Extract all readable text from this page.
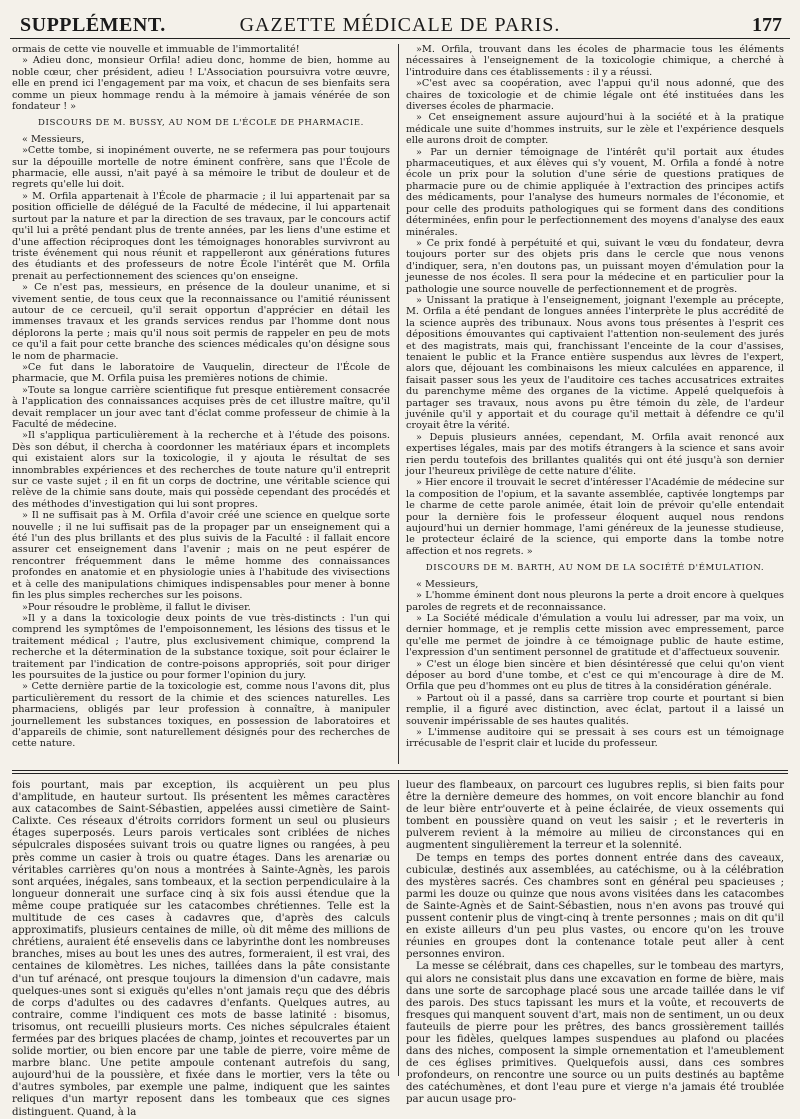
SUPPLÉMENT.	GAZETTE MÉDICALE DE PARIS.	177

ormais de cette vie nouvelle et immuable de l'immortalité!

» Adieu donc, monsieur Orfila! adieu donc, homme de bien, homme au noble cœur, cher président, adieu ! L'Association poursuivra votre œuvre, elle en prend ici l'engagement par ma voix, et chacun de ses bienfaits sera comme un pieux hommage rendu à la mémoire à jamais vénérée de son fondateur ! »

DISCOURS DE M. BUSSY, AU NOM DE L'ÉCOLE DE PHARMACIE.

« Messieurs,

»Cette tombe, si inopinément ouverte, ne se refermera pas pour toujours sur la dépouille mortelle de notre éminent confrère, sans que l'École de pharmacie, elle aussi, n'ait payé à sa mémoire le tribut de douleur et de regrets qu'elle lui doit.

» M. Orfila appartenait à l'École de pharmacie ; il lui appartenait par sa position officielle de délégué de la Faculté de médecine, il lui appartenait surtout par la nature et par la direction de ses travaux, par le concours actif qu'il lui a prêté pendant plus de trente années, par les liens d'une estime et d'une affection réciproques dont les témoignages honorables survivront au triste événement qui nous réunit et rappelleront aux générations futures des étudiants et des professeurs de notre École l'intérêt que M. Orfila prenait au perfectionnement des sciences qu'on enseigne.

» Ce n'est pas, messieurs, en présence de la douleur unanime, et si vivement sentie, de tous ceux que la reconnaissance ou l'amitié réunissent autour de ce cercueil, qu'il serait opportun d'apprécier en détail les immenses travaux et les grands services rendus par l'homme dont nous déplorons la perte ; mais qu'il nous soit permis de rappeler en peu de mots ce qu'il a fait pour cette branche des sciences médicales qu'on désigne sous le nom de pharmacie.

»Ce fut dans le laboratoire de Vauquelin, directeur de l'École de pharmacie, que M. Orfila puisa les premières notions de chimie.

»Toute sa longue carrière scientifique fut presque entièrement consacrée à l'application des connaissances acquises près de cet illustre maître, qu'il devait remplacer un jour avec tant d'éclat comme professeur de chimie à la Faculté de médecine.

»Il s'appliqua particulièrement à la recherche et à l'étude des poisons. Dès son début, il chercha à coordonner les matériaux épars et incomplets qui existaient alors sur la toxicologie, il y ajouta le résultat de ses innombrables expériences et des recherches de toute nature qu'il entreprit sur ce vaste sujet ; il en fit un corps de doctrine, une véritable science qui relève de la chimie sans doute, mais qui possède cependant des procédés et des méthodes d'investigation qui lui sont propres.

» Il ne suffisait pas à M. Orfila d'avoir créé une science en quelque sorte nouvelle ; il ne lui suffisait pas de la propager par un enseignement qui a été l'un des plus brillants et des plus suivis de la Faculté : il fallait encore assurer cet enseignement dans l'avenir ; mais on ne peut espérer de rencontrer fréquemment dans le même homme des connaissances profondes en anatomie et en physiologie unies à l'habitude des vivisections et à celle des manipulations chimiques indispensables pour mener à bonne fin les plus simples recherches sur les poisons.

»Pour résoudre le problème, il fallut le diviser.

»Il y a dans la toxicologie deux points de vue très-distincts : l'un qui comprend les symptômes de l'empoisonnement, les lésions des tissus et le traitement médical ; l'autre, plus exclusivement chimique, comprend la recherche et la détermination de la substance toxique, soit pour éclairer le traitement par l'indication de contre-poisons appropriés, soit pour diriger les poursuites de la justice ou pour former l'opinion du jury.

» Cette dernière partie de la toxicologie est, comme nous l'avons dit, plus particulièrement du ressort de la chimie et des sciences naturelles. Les pharmaciens, obligés par leur profession à connaître, à manipuler journellement les substances toxiques, en possession de laboratoires et d'appareils de chimie, sont naturellement désignés pour des recherches de cette nature.

»M. Orfila, trouvant dans les écoles de pharmacie tous les éléments nécessaires à l'enseignement de la toxicologie chimique, a cherché à l'introduire dans ces établissements : il y a réussi.

»C'est avec sa coopération, avec l'appui qu'il nous adonné, que des chaires de toxicologie et de chimie légale ont été instituées dans les diverses écoles de pharmacie.

» Cet enseignement assure aujourd'hui à la société et à la pratique médicale une suite d'hommes instruits, sur le zèle et l'expérience desquels elle aurons droit de compter.

» Par un dernier témoignage de l'intérêt qu'il portait aux études pharmaceutiques, et aux élèves qui s'y vouent, M. Orfila a fondé à notre école un prix pour la solution d'une série de questions pratiques de pharmacie pure ou de chimie appliquée à l'extraction des principes actifs des médicaments, pour l'analyse des humeurs normales de l'économie, et pour celle des produits pathologiques qui se forment dans des conditions déterminées, enfin pour le perfectionnement des moyens d'analyse des eaux minérales.

» Ce prix fondé à perpétuité et qui, suivant le vœu du fondateur, devra toujours porter sur des objets pris dans le cercle que nous venons d'indiquer, sera, n'en doutons pas, un puissant moyen d'émulation pour la jeunesse de nos écoles. Il sera pour la médecine et en particulier pour la pathologie une source nouvelle de perfectionnement et de progrès.

» Unissant la pratique à l'enseignement, joignant l'exemple au précepte, M. Orfila a été pendant de longues années l'interprète le plus accrédité de la science auprès des tribunaux. Nous avons tous présentes à l'esprit ces dépositions émouvantes qui captivaient l'attention non-seulement des jurés et des magistrats, mais qui, franchissant l'enceinte de la cour d'assises, tenaient le public et la France entière suspendus aux lèvres de l'expert, alors que, déjouant les combinaisons les mieux calculées en apparence, il faisait passer sous les yeux de l'auditoire ces taches accusatrices extraites du parenchyme même des organes de la victime. Appelé quelquefois à partager ses travaux, nous avons pu être témoin du zèle, de l'ardeur juvénile qu'il y apportait et du courage qu'il mettait à défendre ce qu'il croyait être la vérité.

» Depuis plusieurs années, cependant, M. Orfila avait renoncé aux expertises légales, mais par des motifs étrangers à la science et sans avoir rien perdu toutefois des brillantes qualités qui ont été jusqu'à son dernier jour l'heureux privilège de cette nature d'élite.

» Hier encore il trouvait le secret d'intéresser l'Académie de médecine sur la composition de l'opium, et la savante assemblée, captivée longtemps par le charme de cette parole animée, était loin de prévoir qu'elle entendait pour la dernière fois le professeur éloquent auquel nous rendons aujourd'hui un dernier hommage, l'ami généreux de la jeunesse studieuse, le protecteur éclairé de la science, qui emporte dans la tombe notre affection et nos regrets. »

DISCOURS DE M. BARTH, AU NOM DE LA SOCIÉTÉ D'ÉMULATION.

« Messieurs,

» L'homme éminent dont nous pleurons la perte a droit encore à quelques paroles de regrets et de reconnaissance.

» La Société médicale d'émulation a voulu lui adresser, par ma voix, un dernier hommage, et je remplis cette mission avec empressement, parce qu'elle me permet de joindre à ce témoignage public de haute estime, l'expression d'un sentiment personnel de gratitude et d'affectueux souvenir.

» C'est un éloge bien sincère et bien désintéressé que celui qu'on vient déposer au bord d'une tombe, et c'est ce qui m'encourage à dire de M. Orfila que peu d'hommes ont eu plus de titres à la considération générale.

» Partout où il a passé, dans sa carrière trop courte et pourtant si bien remplie, il a figuré avec distinction, avec éclat, partout il a laissé un souvenir impérissable de ses hautes qualités.

» L'immense auditoire qui se pressait à ses cours est un témoignage irrécusable de l'esprit clair et lucide du professeur.

fois pourtant, mais par exception, ils acquièrent un peu plus d'amplitude, en hauteur surtout. Ils présentent les mêmes caractères aux catacombes de Saint-Sébastien, appelées aussi cimetière de Saint-Calixte. Ces réseaux d'étroits corridors forment un seul ou plusieurs étages superposés. Leurs parois verticales sont criblées de niches sépulcrales disposées suivant trois ou quatre lignes ou rangées, à peu près comme un casier à trois ou quatre étages. Dans les arenariæ ou véritables carrières qu'on nous a montrées à Sainte-Agnès, les parois sont arquées, inégales, sans tombeaux, et la section perpendiculaire à la longueur donnerait une surface cinq à six fois aussi étendue que la même coupe pratiquée sur les catacombes chrétiennes. Telle est la multitude de ces cases à cadavres que, d'après des calculs approximatifs, plusieurs centaines de mille, où dit même des millions de chrétiens, auraient été ensevelis dans ce labyrinthe dont les nombreuses branches, mises au bout les unes des autres, formeraient, il est vrai, des centaines de kilomètres. Les niches, taillées dans la pâte consistante d'un tuf arénacé, ont presque toujours la dimension d'un cadavre, mais quelques-unes sont si exiguës qu'elles n'ont jamais reçu que des débris de corps d'adultes ou des cadavres d'enfants. Quelques autres, au contraire, comme l'indiquent ces mots de basse latinité : bisomus, trisomus, ont recueilli plusieurs morts. Ces niches sépulcrales étaient fermées par des briques placées de champ, jointes et recouvertes par un solide mortier, ou bien encore par une table de pierre, voire même de marbre blanc. Une petite ampoule contenant autrefois du sang, aujourd'hui de la poussière, et fixée dans le mortier, vers la tête ou d'autres symboles, par exemple une palme, indiquent que les saintes reliques d'un martyr reposent dans les tombeaux que ces signes distinguent. Quand, à la

lueur des flambeaux, on parcourt ces lugubres replis, si bien faits pour être la dernière demeure des hommes, on voit encore blanchir au fond de leur bière entr'ouverte et à peine éclairée, de vieux ossements qui tombent en poussière quand on veut les saisir ; et le reverteris in pulverem revient à la mémoire au milieu de circonstances qui en augmentent singulièrement la terreur et la solennité.

De temps en temps des portes donnent entrée dans des caveaux, cubiculæ, destinés aux assemblées, au catéchisme, ou à la célébration des mystères sacrés. Ces chambres sont en général peu spacieuses ; parmi les douze ou quinze que nous avons visitées dans les catacombes de Sainte-Agnès et de Saint-Sébastien, nous n'en avons pas trouvé qui pussent contenir plus de vingt-cinq à trente personnes ; mais on dit qu'il en existe ailleurs d'un peu plus vastes, ou encore qu'on les trouve réunies en groupes dont la contenance totale peut aller à cent personnes environ.

La messe se célébrait, dans ces chapelles, sur le tombeau des martyrs, qui alors ne consistait plus dans une excavation en forme de bière, mais dans une sorte de sarcophage placé sous une arcade taillée dans le vif des parois. Des stucs tapissant les murs et la voûte, et recouverts de fresques qui manquent souvent d'art, mais non de sentiment, un ou deux fauteuils de pierre pour les prêtres, des bancs grossièrement taillés pour les fidèles, quelques lampes suspendues au plafond ou placées dans des niches, composent la simple ornementation et l'ameublement de ces églises primitives. Quelquefois aussi, dans ces sombres profondeurs, on rencontre une source ou un puits destinés au baptême des catéchumènes, et dont l'eau pure et vierge n'a jamais été troublée par aucun usage pro-
